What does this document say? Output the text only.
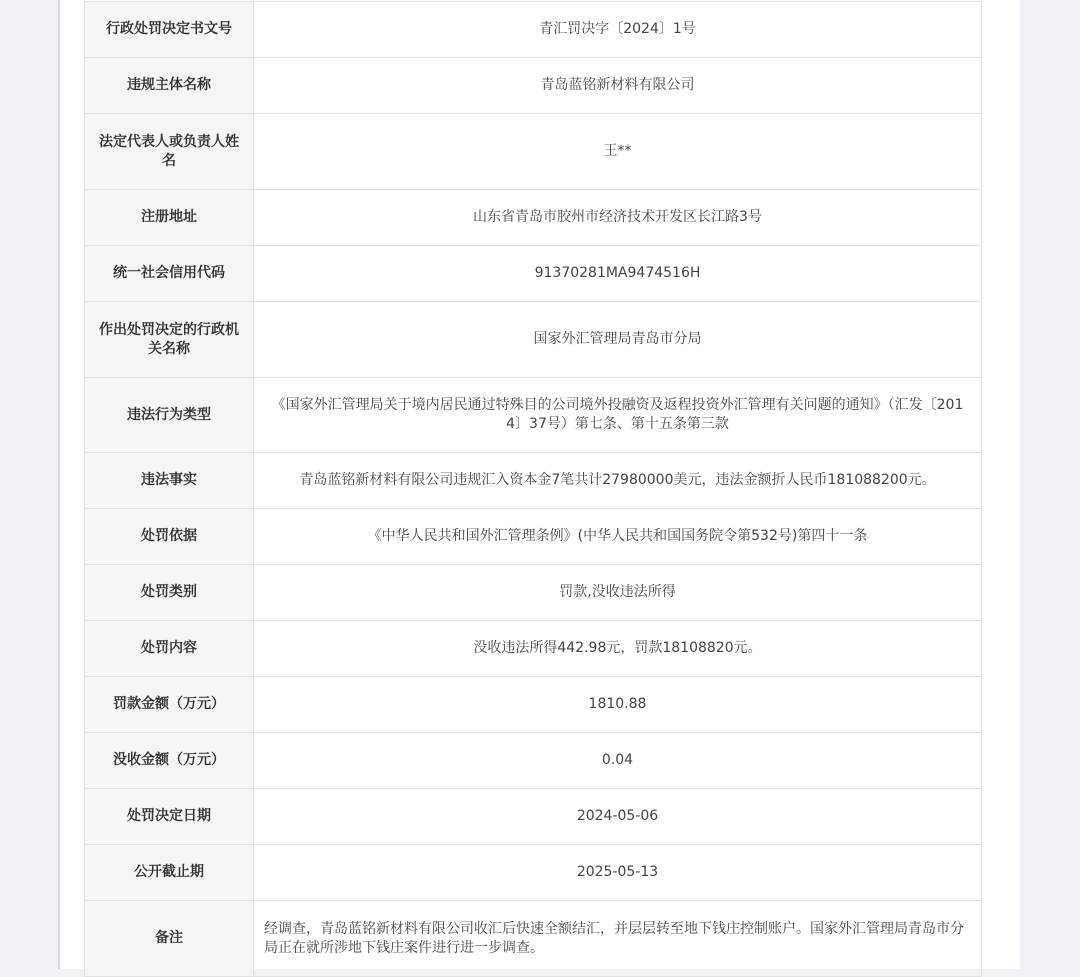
行政处罚决定书文号	青汇罚决字〔2024〕1号
违规主体名称	青岛蓝铭新材料有限公司
法定代表人或负责人姓名	王**
注册地址	山东省青岛市胶州市经济技术开发区长江路3号
统一社会信用代码	91370281MA9474516H
作出处罚决定的行政机关名称	国家外汇管理局青岛市分局
违法行为类型	《国家外汇管理局关于境内居民通过特殊目的公司境外投融资及返程投资外汇管理有关问题的通知》（汇发〔2014〕37号）第七条、第十五条第三款
违法事实	青岛蓝铭新材料有限公司违规汇入资本金7笔共计27980000美元，违法金额折人民币181088200元。
处罚依据	《中华人民共和国外汇管理条例》(中华人民共和国国务院令第532号)第四十一条
处罚类别	罚款,没收违法所得
处罚内容	没收违法所得442.98元，罚款18108820元。
罚款金额（万元）	1810.88
没收金额（万元）	0.04
处罚决定日期	2024-05-06
公开截止期	2025-05-13
备注	经调查，青岛蓝铭新材料有限公司收汇后快速全额结汇，并层层转至地下钱庄控制账户。国家外汇管理局青岛市分局正在就所涉地下钱庄案件进行进一步调查。
